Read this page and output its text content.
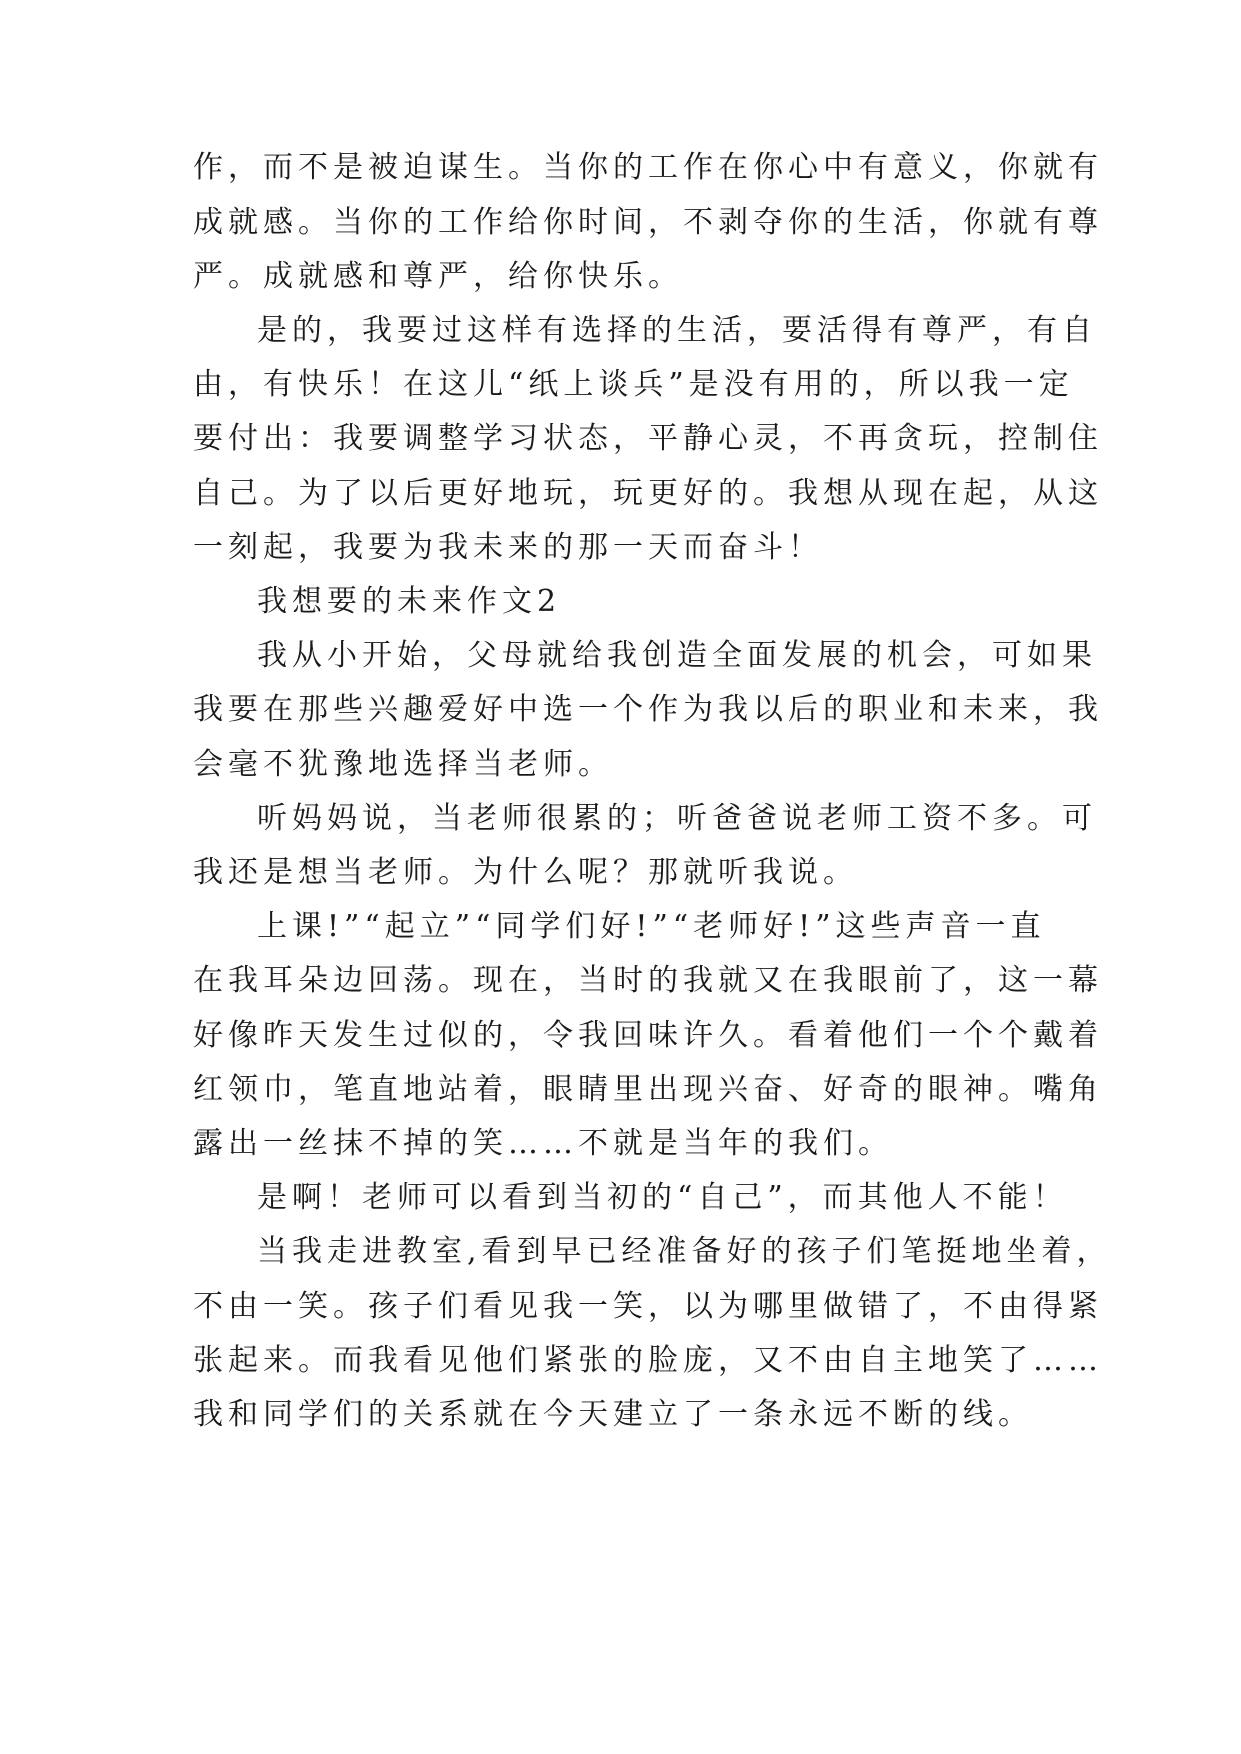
作，而不是被迫谋生。当你的工作在你心中有意义，你就有
成就感。当你的工作给你时间，不剥夺你的生活，你就有尊
严。成就感和尊严，给你快乐。
是的，我要过这样有选择的生活，要活得有尊严，有自
由，有快乐！在这儿“纸上谈兵”是没有用的，所以我一定
要付出：我要调整学习状态，平静心灵，不再贪玩，控制住
自己。为了以后更好地玩，玩更好的。我想从现在起，从这
一刻起，我要为我未来的那一天而奋斗！
我想要的未来作文2
我从小开始，父母就给我创造全面发展的机会，可如果
我要在那些兴趣爱好中选一个作为我以后的职业和未来，我
会毫不犹豫地选择当老师。
听妈妈说，当老师很累的；听爸爸说老师工资不多。可
我还是想当老师。为什么呢？那就听我说。
上课!”“起立”“同学们好!”“老师好!”这些声音一直
在我耳朵边回荡。现在，当时的我就又在我眼前了，这一幕
好像昨天发生过似的，令我回味许久。看着他们一个个戴着
红领巾，笔直地站着，眼睛里出现兴奋、好奇的眼神。嘴角
露出一丝抹不掉的笑……不就是当年的我们。
是啊！老师可以看到当初的“自己”，而其他人不能！
当我走进教室,看到早已经准备好的孩子们笔挺地坐着，
不由一笑。孩子们看见我一笑，以为哪里做错了，不由得紧
张起来。而我看见他们紧张的脸庞，又不由自主地笑了……
我和同学们的关系就在今天建立了一条永远不断的线。
